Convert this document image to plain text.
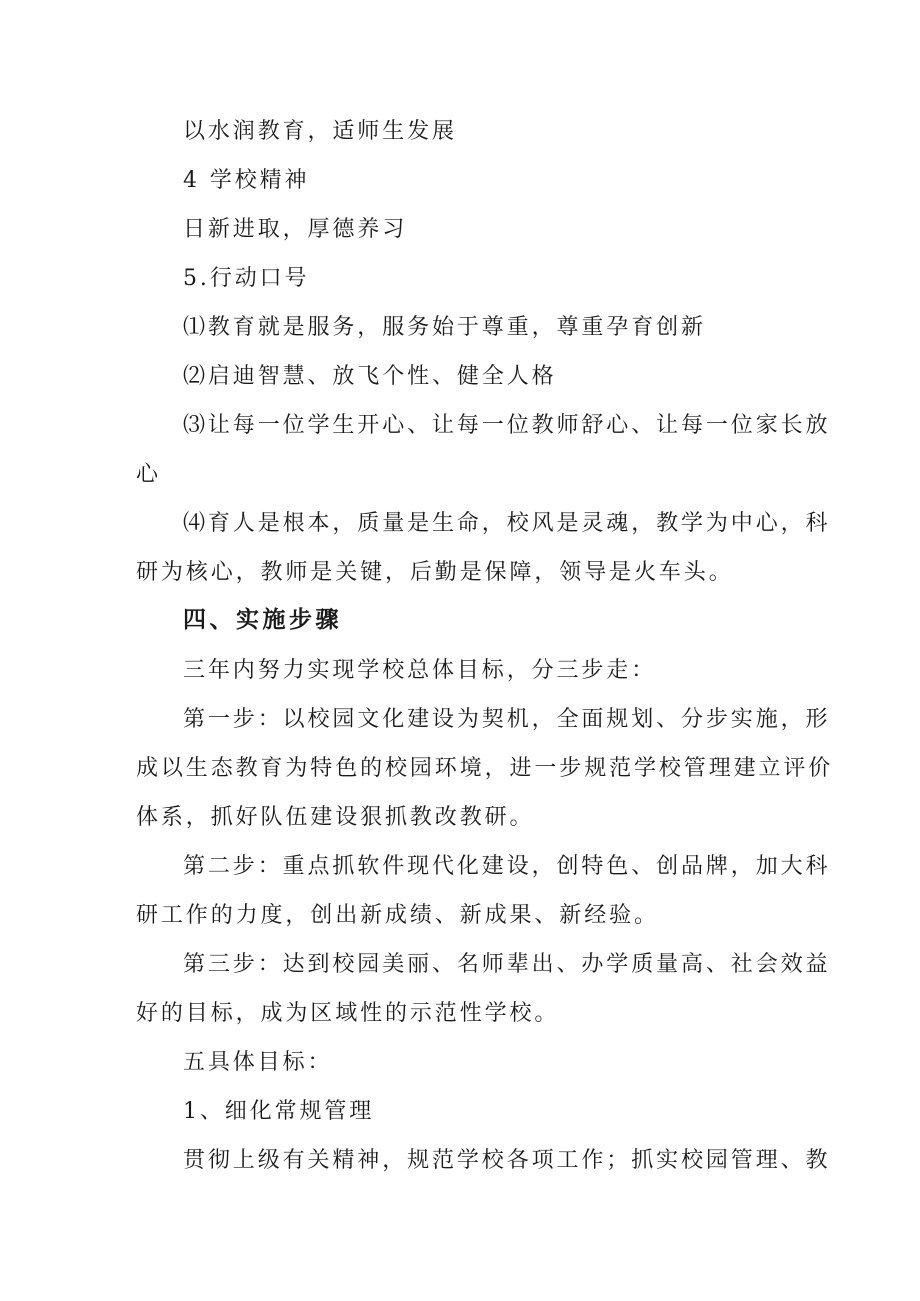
以水润教育，适师生发展
4 学校精神
日新进取，厚德养习
5.行动口号
⑴教育就是服务，服务始于尊重，尊重孕育创新
⑵启迪智慧、放飞个性、健全人格
⑶让每一位学生开心、让每一位教师舒心、让每一位家长放
心
⑷育人是根本，质量是生命，校风是灵魂，教学为中心，科
研为核心，教师是关键，后勤是保障，领导是火车头。
四、实施步骤
三年内努力实现学校总体目标，分三步走：
第一步：以校园文化建设为契机，全面规划、分步实施，形
成以生态教育为特色的校园环境，进一步规范学校管理建立评价
体系，抓好队伍建设狠抓教改教研。
第二步：重点抓软件现代化建设，创特色、创品牌，加大科
研工作的力度，创出新成绩、新成果、新经验。
第三步：达到校园美丽、名师辈出、办学质量高、社会效益
好的目标，成为区域性的示范性学校。
五具体目标：
1、细化常规管理
贯彻上级有关精神，规范学校各项工作；抓实校园管理、教
